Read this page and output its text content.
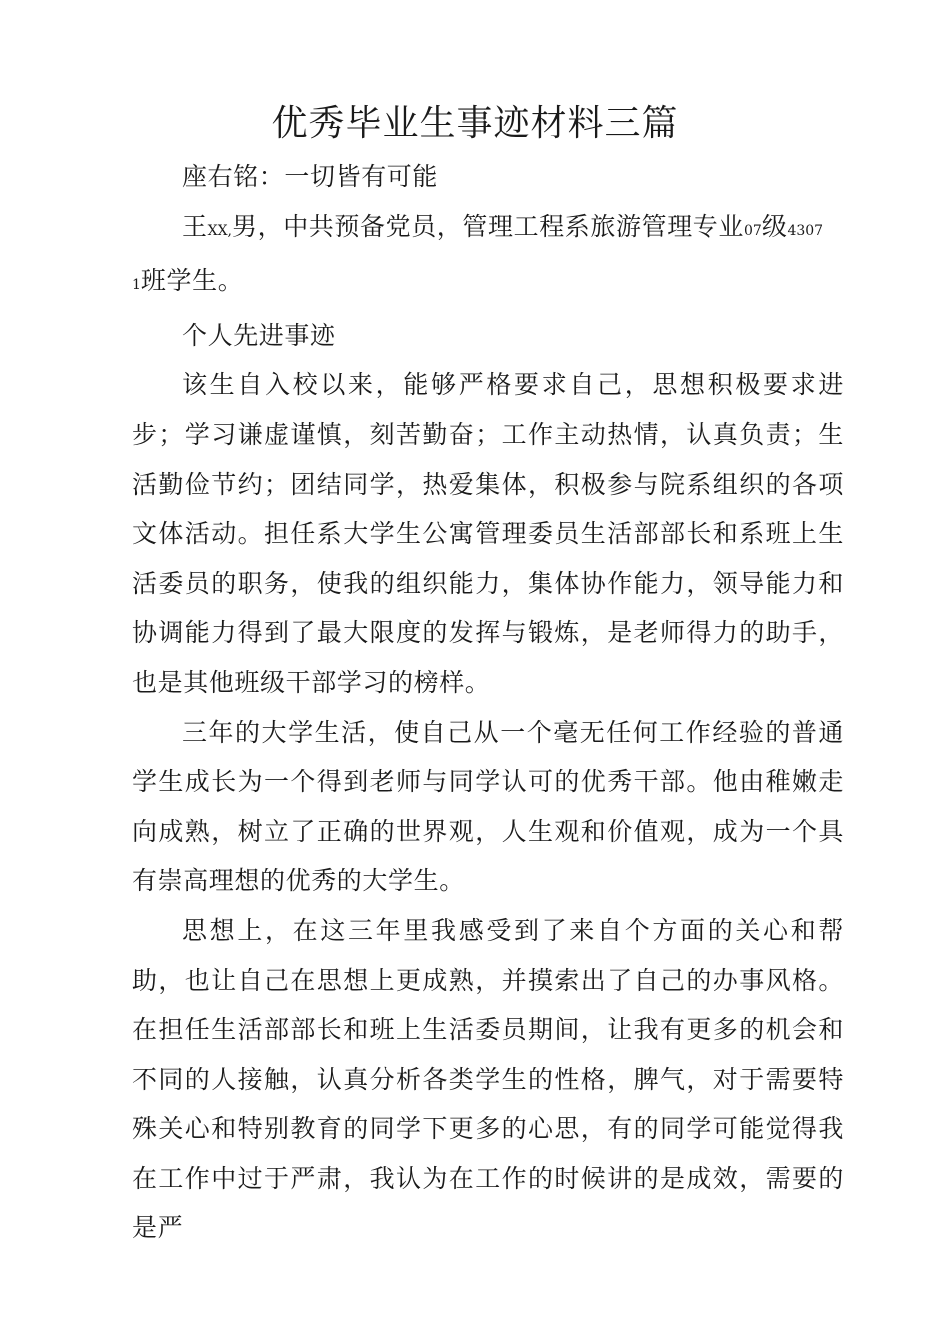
优秀毕业生事迹材料三篇

座右铭：一切皆有可能

王XX,男，中共预备党员，管理工程系旅游管理专业07级4307
1班学生。

个人先进事迹

该生自入校以来，能够严格要求自己，思想积极要求进步；学习谦虚谨慎，刻苦勤奋；工作主动热情，认真负责；生活勤俭节约；团结同学，热爱集体，积极参与院系组织的各项文体活动。担任系大学生公寓管理委员生活部部长和系班上生活委员的职务，使我的组织能力，集体协作能力，领导能力和协调能力得到了最大限度的发挥与锻炼，是老师得力的助手，也是其他班级干部学习的榜样。

三年的大学生活，使自己从一个毫无任何工作经验的普通学生成长为一个得到老师与同学认可的优秀干部。他由稚嫩走向成熟，树立了正确的世界观，人生观和价值观，成为一个具有崇高理想的优秀的大学生。

思想上，在这三年里我感受到了来自个方面的关心和帮助，也让自己在思想上更成熟，并摸索出了自己的办事风格。在担任生活部部长和班上生活委员期间，让我有更多的机会和不同的人接触，认真分析各类学生的性格，脾气，对于需要特殊关心和特别教育的同学下更多的心思，有的同学可能觉得我在工作中过于严肃，我认为在工作的时候讲的是成效，需要的是严
